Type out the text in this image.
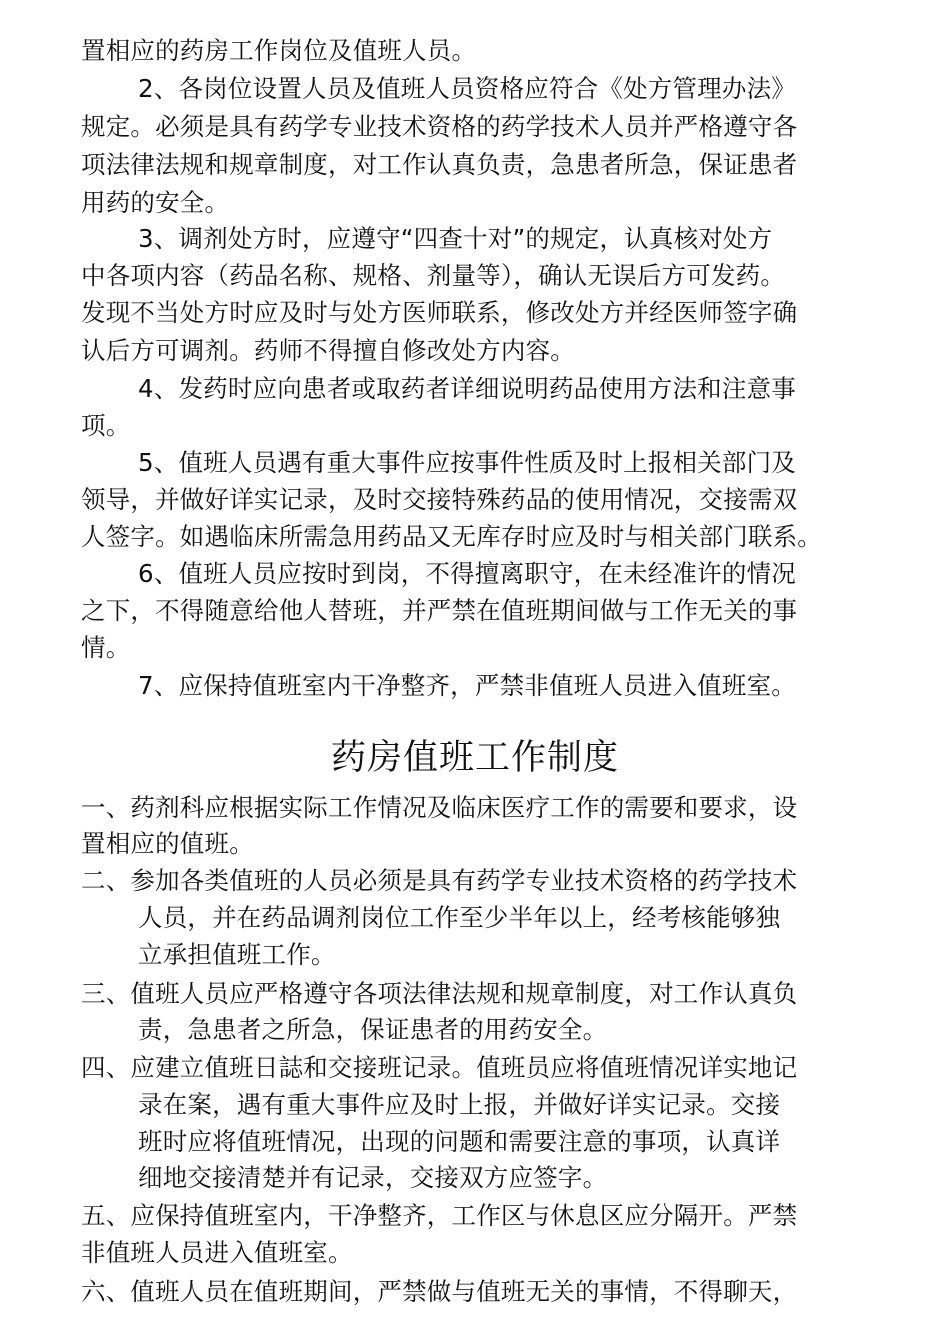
置相应的药房工作岗位及值班人员。
2、各岗位设置人员及值班人员资格应符合《处方管理办法》
规定。必须是具有药学专业技术资格的药学技术人员并严格遵守各
项法律法规和规章制度，对工作认真负责，急患者所急，保证患者
用药的安全。
3、调剂处方时，应遵守“四查十对”的规定，认真核对处方
中各项内容（药品名称、规格、剂量等），确认无误后方可发药。
发现不当处方时应及时与处方医师联系，修改处方并经医师签字确
认后方可调剂。药师不得擅自修改处方内容。
4、发药时应向患者或取药者详细说明药品使用方法和注意事
项。
5、值班人员遇有重大事件应按事件性质及时上报相关部门及
领导，并做好详实记录，及时交接特殊药品的使用情况，交接需双
人签字。如遇临床所需急用药品又无库存时应及时与相关部门联系。
6、值班人员应按时到岗，不得擅离职守，在未经准许的情况
之下，不得随意给他人替班，并严禁在值班期间做与工作无关的事
情。
7、应保持值班室内干净整齐，严禁非值班人员进入值班室。
药房值班工作制度
一、药剂科应根据实际工作情况及临床医疗工作的需要和要求，设
置相应的值班。
二、参加各类值班的人员必须是具有药学专业技术资格的药学技术
人员，并在药品调剂岗位工作至少半年以上，经考核能够独
立承担值班工作。
三、值班人员应严格遵守各项法律法规和规章制度，对工作认真负
责，急患者之所急，保证患者的用药安全。
四、应建立值班日誌和交接班记录。值班员应将值班情况详实地记
录在案，遇有重大事件应及时上报，并做好详实记录。交接
班时应将值班情况，出现的问题和需要注意的事项，认真详
细地交接清楚并有记录，交接双方应签字。
五、应保持值班室内，干净整齐，工作区与休息区应分隔开。严禁
非值班人员进入值班室。
六、值班人员在值班期间，严禁做与值班无关的事情，不得聊天，
